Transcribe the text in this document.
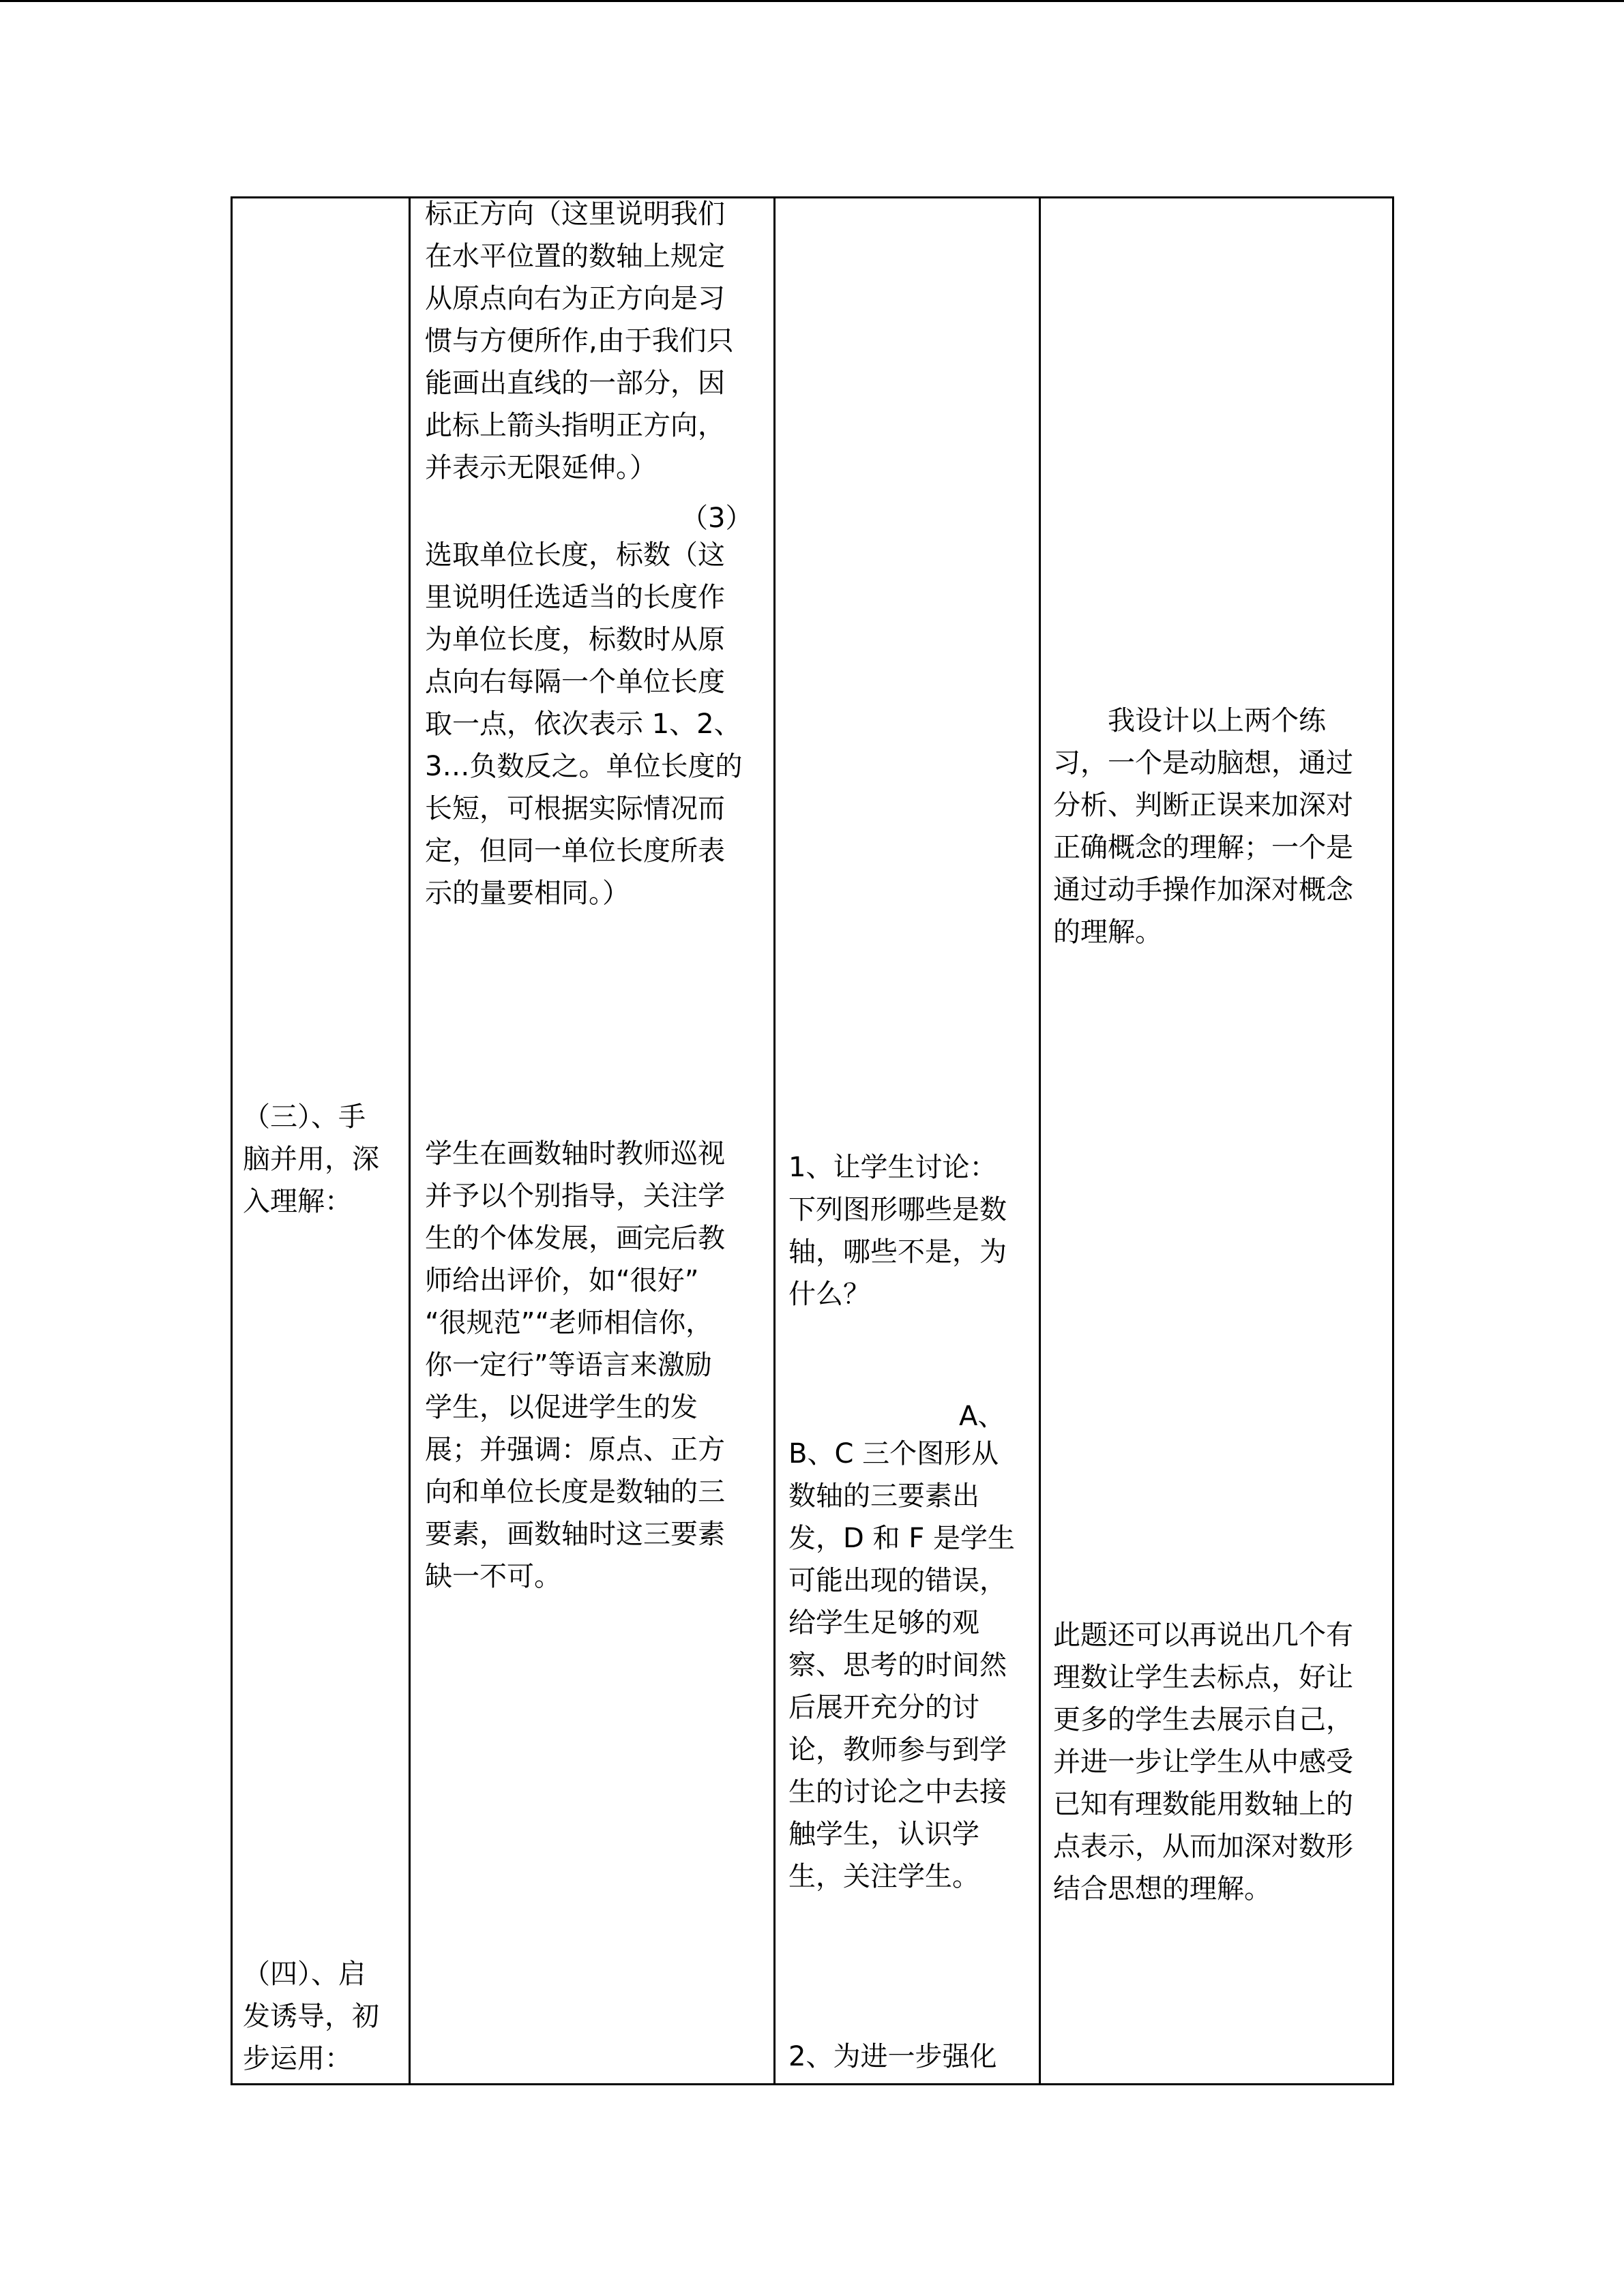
（三）、手
脑并用，深
入理解：
（四）、启
发诱导，初
步运用：
标正方向（这里说明我们
在水平位置的数轴上规定
从原点向右为正方向是习
惯与方便所作,由于我们只
能画出直线的一部分，因
此标上箭头指明正方向，
并表示无限延伸。）
（3）
选取单位长度，标数（这
里说明任选适当的长度作
为单位长度，标数时从原
点向右每隔一个单位长度
取一点，依次表示 1、2、
3…负数反之。单位长度的
长短，可根据实际情况而
定，但同一单位长度所表
示的量要相同。）
学生在画数轴时教师巡视
并予以个别指导，关注学
生的个体发展，画完后教
师给出评价，如“很好”
“很规范”“老师相信你，
你一定行”等语言来激励
学生，以促进学生的发
展；并强调：原点、正方
向和单位长度是数轴的三
要素，画数轴时这三要素
缺一不可。
1、让学生讨论：
下列图形哪些是数
轴，哪些不是，为
什么？
A、
B、C 三个图形从
数轴的三要素出
发，D 和 F 是学生
可能出现的错误，
给学生足够的观
察、思考的时间然
后展开充分的讨
论，教师参与到学
生的讨论之中去接
触学生，认识学
生，关注学生。
2、为进一步强化
　　我设计以上两个练
习，一个是动脑想，通过
分析、判断正误来加深对
正确概念的理解；一个是
通过动手操作加深对概念
的理解。
此题还可以再说出几个有
理数让学生去标点，好让
更多的学生去展示自己，
并进一步让学生从中感受
已知有理数能用数轴上的
点表示，从而加深对数形
结合思想的理解。
